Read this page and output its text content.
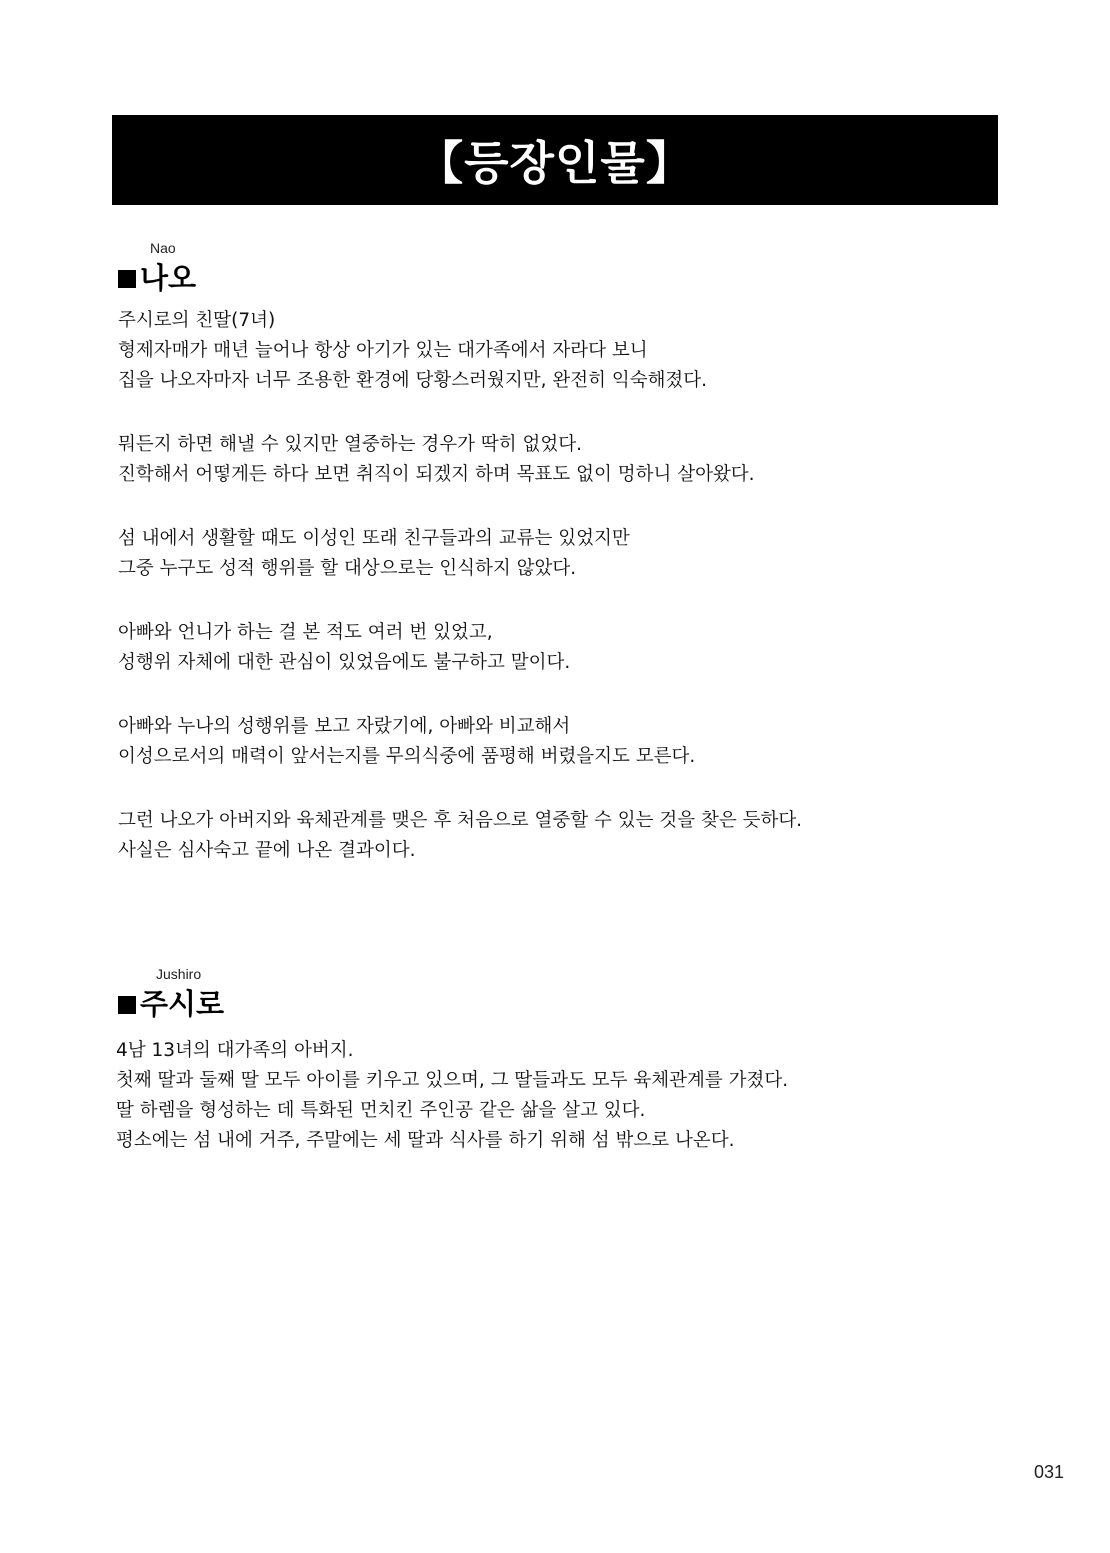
【등장인물】
Nao
나오

주시로의 친딸(7녀)
형제자매가 매년 늘어나 항상 아기가 있는 대가족에서 자라다 보니
집을 나오자마자 너무 조용한 환경에 당황스러웠지만, 완전히 익숙해졌다.

뭐든지 하면 해낼 수 있지만 열중하는 경우가 딱히 없었다.
진학해서 어떻게든 하다 보면 취직이 되겠지 하며 목표도 없이 멍하니 살아왔다.

섬 내에서 생활할 때도 이성인 또래 친구들과의 교류는 있었지만
그중 누구도 성적 행위를 할 대상으로는 인식하지 않았다.

아빠와 언니가 하는 걸 본 적도 여러 번 있었고,
성행위 자체에 대한 관심이 있었음에도 불구하고 말이다.

아빠와 누나의 성행위를 보고 자랐기에, 아빠와 비교해서
이성으로서의 매력이 앞서는지를 무의식중에 품평해 버렸을지도 모른다.

그런 나오가 아버지와 육체관계를 맺은 후 처음으로 열중할 수 있는 것을 찾은 듯하다.
사실은 심사숙고 끝에 나온 결과이다.

Jushiro
주시로

4남 13녀의 대가족의 아버지.
첫째 딸과 둘째 딸 모두 아이를 키우고 있으며, 그 딸들과도 모두 육체관계를 가졌다.
딸 하렘을 형성하는 데 특화된 먼치킨 주인공 같은 삶을 살고 있다.
평소에는 섬 내에 거주, 주말에는 세 딸과 식사를 하기 위해 섬 밖으로 나온다.

031
